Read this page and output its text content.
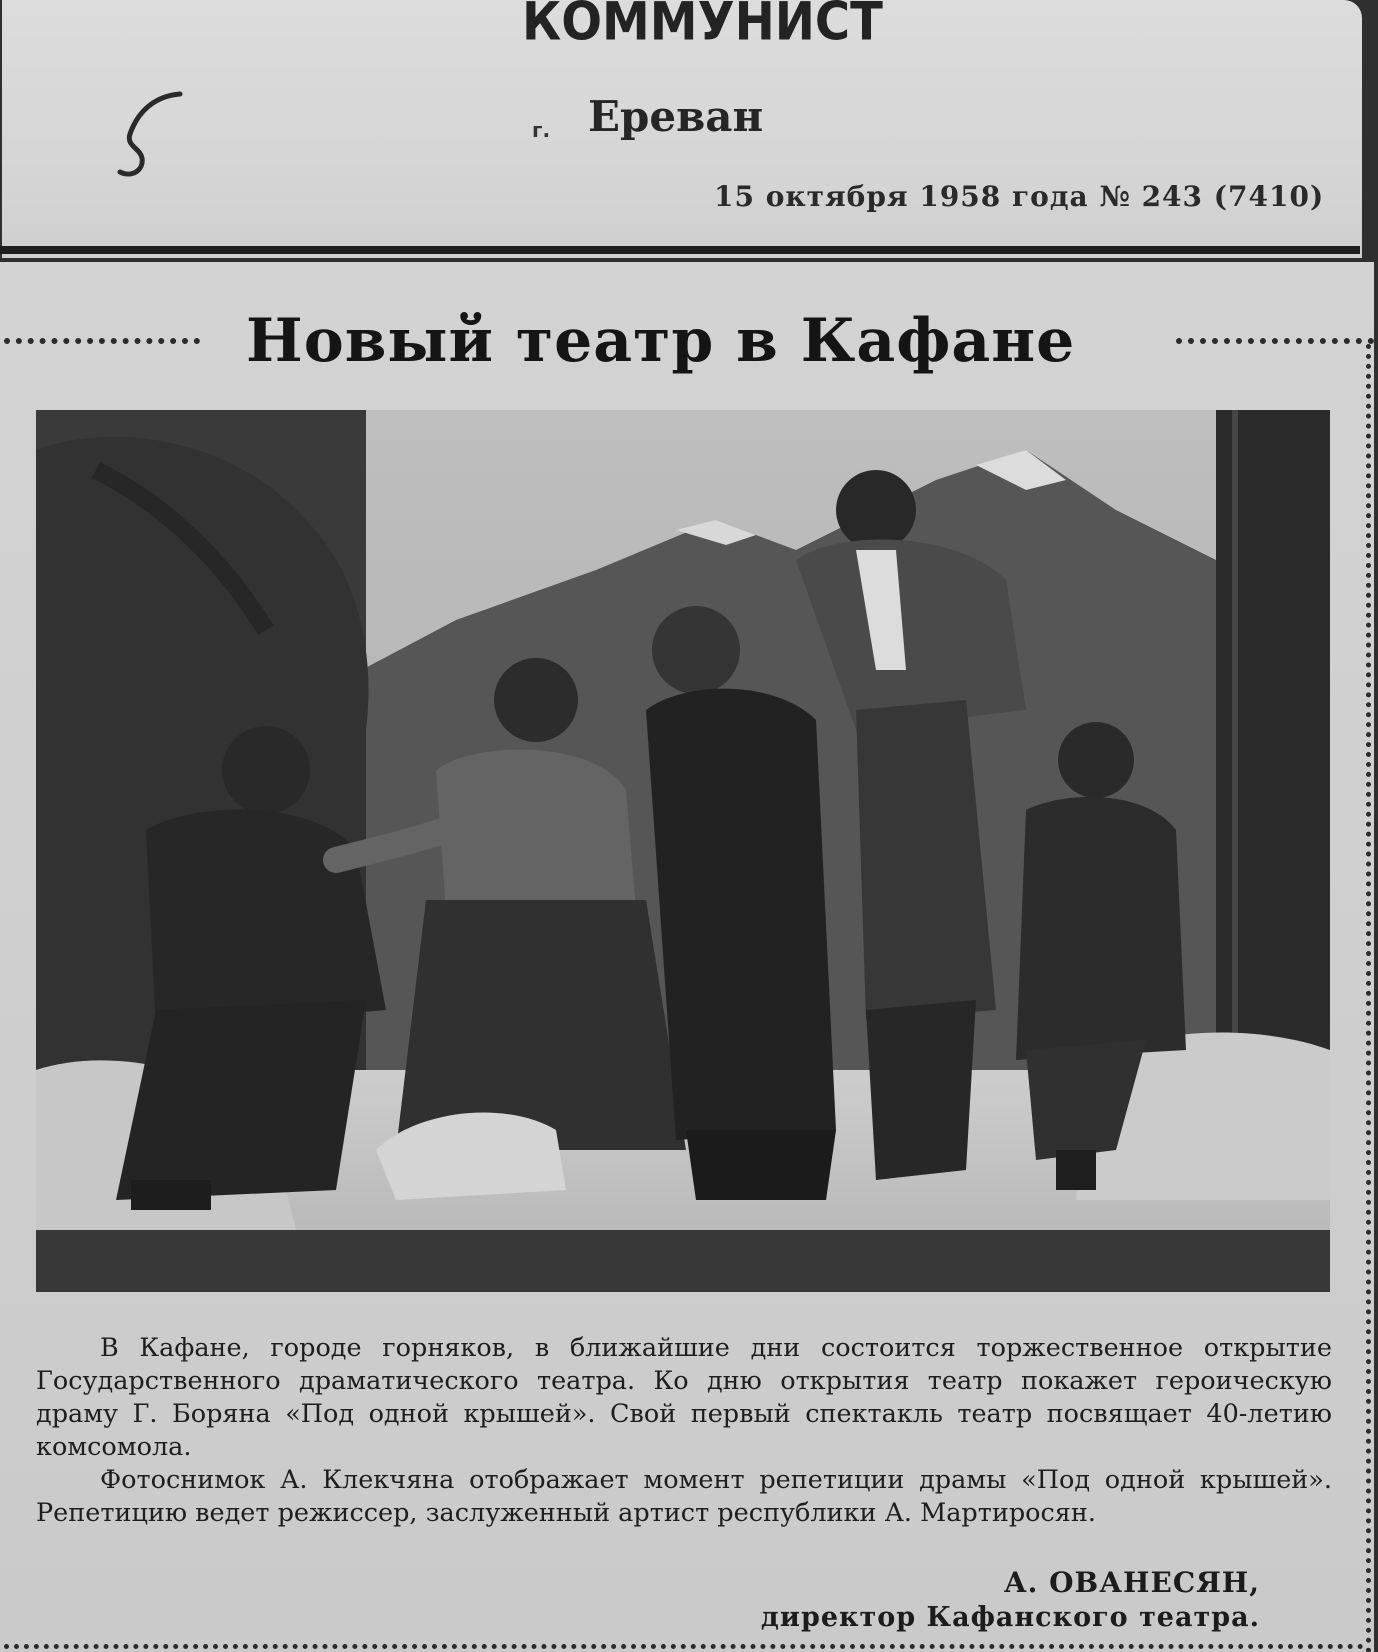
КОММУНИСТ
г. Ереван
15 октября 1958 года № 243 (7410)
Новый театр в Кафане

В Кафане, городе горняков, в ближайшие дни состоится торжественное открытие Государственного драматического театра. Ко дню открытия театр покажет героическую драму Г. Боряна «Под одной крышей». Свой первый спектакль театр посвящает 40-летию комсомола.

Фотоснимок А. Клекчяна отображает момент репетиции драмы «Под одной крышей». Репетицию ведет режиссер, заслуженный артист республики А. Мартиросян.

А. ОВАНЕСЯН,
директор Кафанского театра.
